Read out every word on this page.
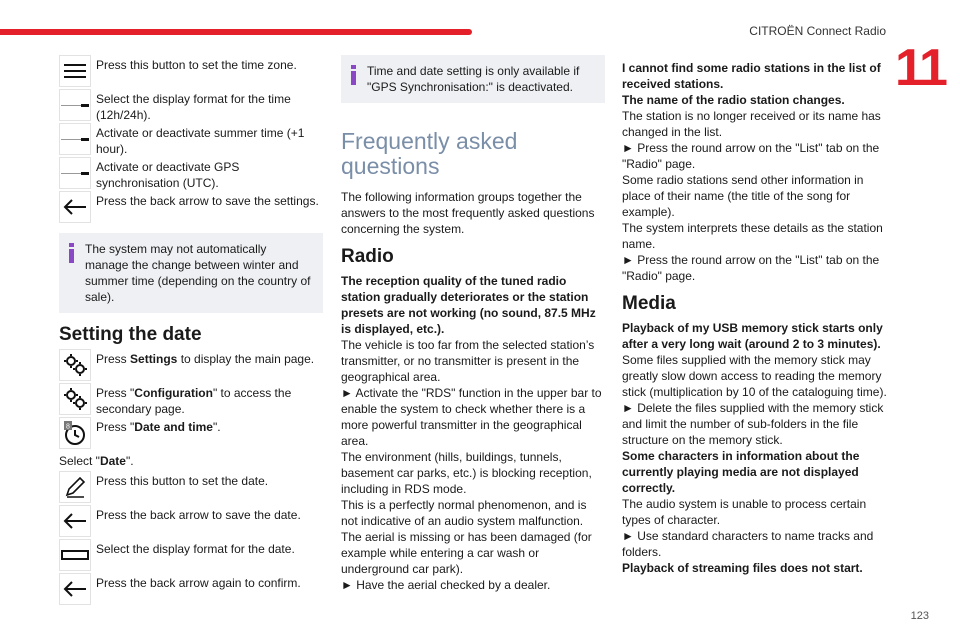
CITROËN Connect Radio
11
Press this button to set the time zone.
Select the display format for the time (12h/24h).
Activate or deactivate summer time (+1 hour).
Activate or deactivate GPS synchronisation (UTC).
Press the back arrow to save the settings.
The system may not automatically manage the change between winter and summer time (depending on the country of sale).
Setting the date
Press Settings to display the main page.
Press "Configuration" to access the secondary page.
8	Press "Date and time".

Select "Date".

Press this button to set the date.
Press the back arrow to save the date.
Select the display format for the date.
Press the back arrow again to confirm.
Time and date setting is only available if "GPS Synchronisation:" is deactivated.
Frequently asked questions

The following information groups together the answers to the most frequently asked questions concerning the system.

Radio

The reception quality of the tuned radio station gradually deteriorates or the station presets are not working (no sound, 87.5 MHz is displayed, etc.).

The vehicle is too far from the selected station’s transmitter, or no transmitter is present in the geographical area.

► Activate the "RDS" function in the upper bar to enable the system to check whether there is a more powerful transmitter in the geographical area.

The environment (hills, buildings, tunnels, basement car parks, etc.) is blocking reception, including in RDS mode.

This is a perfectly normal phenomenon, and is not indicative of an audio system malfunction.

The aerial is missing or has been damaged (for example while entering a car wash or underground car park).

► Have the aerial checked by a dealer.

I cannot find some radio stations in the list of received stations.

The name of the radio station changes.

The station is no longer received or its name has changed in the list.

► Press the round arrow on the "List" tab on the "Radio" page.

Some radio stations send other information in place of their name (the title of the song for example).

The system interprets these details as the station name.

► Press the round arrow on the "List" tab on the "Radio" page.

Media

Playback of my USB memory stick starts only after a very long wait (around 2 to 3 minutes).

Some files supplied with the memory stick may greatly slow down access to reading the memory stick (multiplication by 10 of the cataloguing time).

► Delete the files supplied with the memory stick and limit the number of sub-folders in the file structure on the memory stick.

Some characters in information about the currently playing media are not displayed correctly.

The audio system is unable to process certain types of character.

► Use standard characters to name tracks and folders.

Playback of streaming files does not start.

123
